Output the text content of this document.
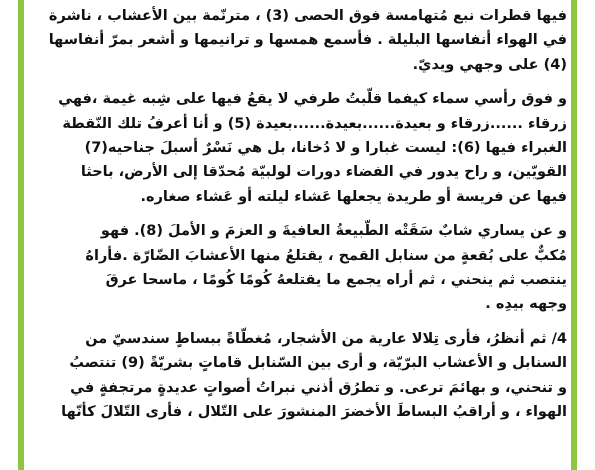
فيها قطرات نبع مُتهامسة فوق الحصى (3) ، مترنّمة بين الأعشاب ، ناشرة
في الهواء أنفاسها البليلة . فأسمع همسها و ترانيمها و أشعر بمرّ أنفاسها
(4) على وجهي ويديّ.

و فوق رأسي سماء كيفما قلّبتُ طرفي لا يقعُ فيها على شِبه غيمة ،فهي
زرقاء ......زرقاء و بعيدة......بعيدة......بعيدة (5) و أنا أعرفُ تلك النّقطة
الغبراء فيها (6): ليست غبارا و لا دُخانا، بل هي نَسْرٌ أسبلَ جناحيه(7)
القويّين، و راح يدور في الفضاء دورات لولبيّة مُحدّقا إلى الأرض، باحثا
فيها عن فريسة أو طريدة يجعلها عَشاء ليلته أو عَشاء صغاره.

و عن يساري شابٌ سَقَتْه الطّبيعةُ العافيةَ و العزمَ و الأملَ (8). فهو
مُكبٌّ على بُقعةٍ من سنابل القمح ، يقتلعُ منها الأعشابَ الضّارّة .فأراهُ
ينتصب ثم ينحني ، ثم أراه يجمع ما يقتلعهُ كُومًا كُومًا ، ماسحا عرقَ
وجهه بيدِه .

4/ ثم أنظرُ، فأرى تِلالا عارية من الأشجار، مُغطّاةً ببساطٍ سندسيّ من
السنابل و الأعشاب البرّيّة، و أرى بين السّنابل قاماتٍ بشريّةً (9) تنتصبُ
و تنحني، و بهائمَ ترعى. و تطرُق أذني نبراتُ أصواتٍ عديدةٍ مرتجفةٍ في
الهواء ، و أراقبُ البساطَ الأخضرَ المنشورَ على التّلال ، فأرى التّلالَ كأنّها
